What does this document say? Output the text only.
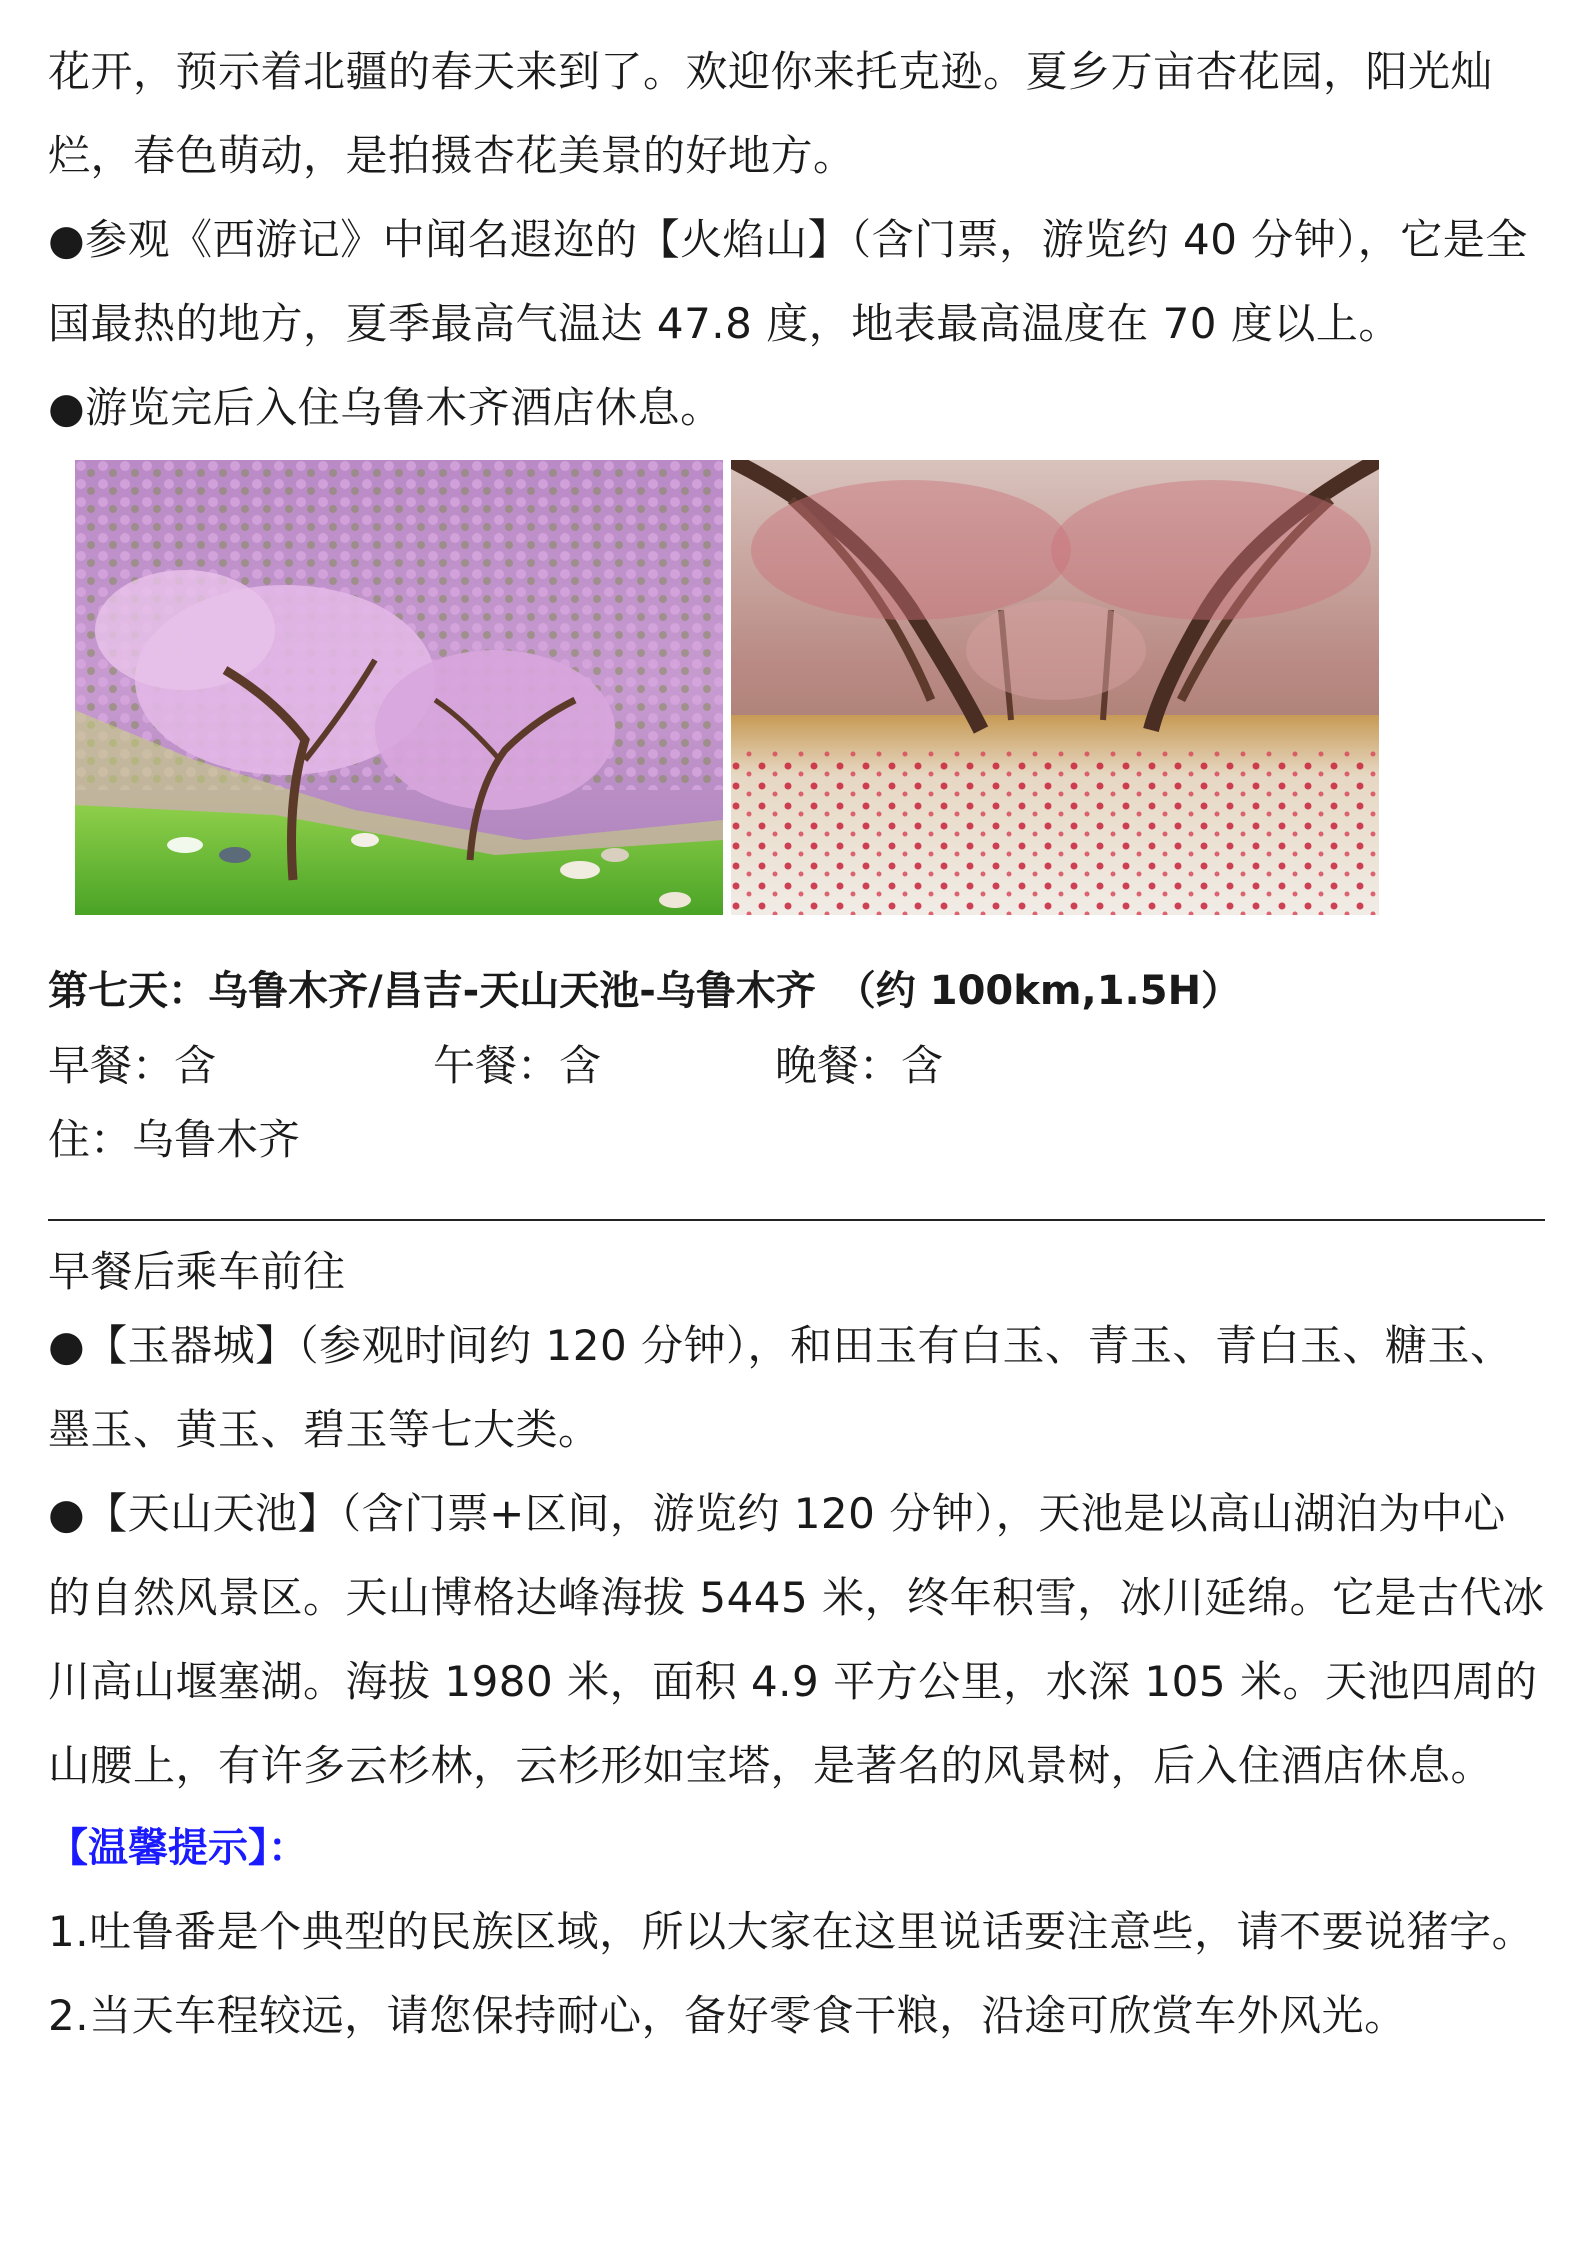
花开，预示着北疆的春天来到了。欢迎你来托克逊。夏乡万亩杏花园，阳光灿烂，春色萌动，是拍摄杏花美景的好地方。

●参观《西游记》中闻名遐迩的【火焰山】（含门票，游览约 40 分钟），它是全国最热的地方，夏季最高气温达 47.8 度，地表最高温度在 70 度以上。

●游览完后入住乌鲁木齐酒店休息。

第七天：乌鲁木齐/昌吉-天山天池-乌鲁木齐　（约 100km,1.5H）
早餐：含	午餐：含	晚餐：含
住：乌鲁木齐

早餐后乘车前往

●【玉器城】（参观时间约 120 分钟），和田玉有白玉、青玉、青白玉、糖玉、墨玉、黄玉、碧玉等七大类。

●【天山天池】（含门票+区间，游览约 120 分钟），天池是以高山湖泊为中心的自然风景区。天山博格达峰海拔 5445 米，终年积雪，冰川延绵。它是古代冰川高山堰塞湖。海拔 1980 米，面积 4.9 平方公里，水深 105 米。天池四周的山腰上，有许多云杉林，云杉形如宝塔，是著名的风景树，后入住酒店休息。

【温馨提示】：

1.吐鲁番是个典型的民族区域，所以大家在这里说话要注意些，请不要说猪字。

2.当天车程较远，请您保持耐心，备好零食干粮，沿途可欣赏车外风光。
